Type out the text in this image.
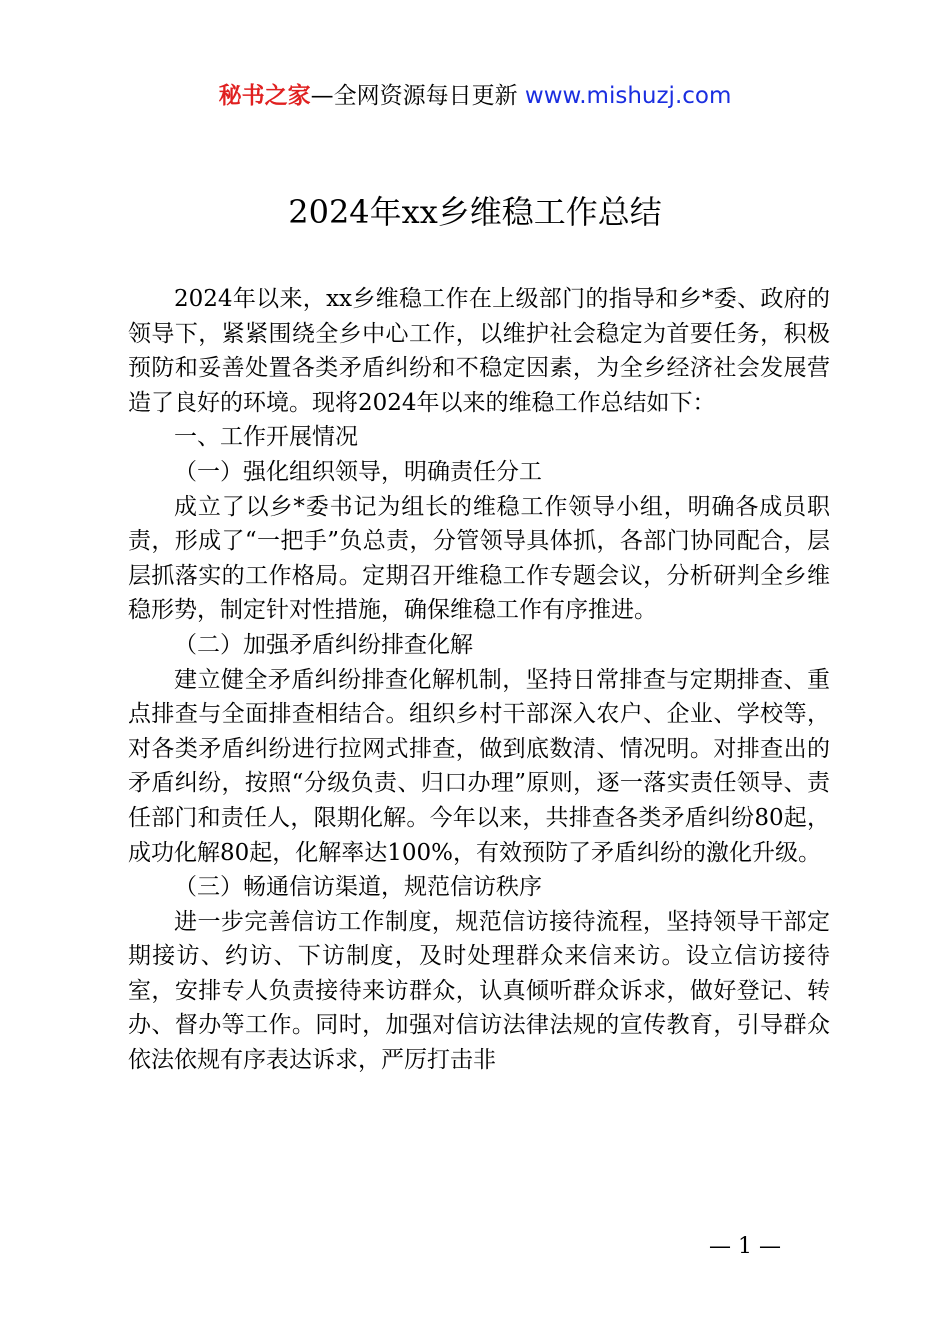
秘书之家—全网资源每日更新 www.mishuzj.com
2024年xx乡维稳工作总结

2024年以来，xx乡维稳工作在上级部门的指导和乡*委、政府的领导下，紧紧围绕全乡中心工作，以维护社会稳定为首要任务，积极预防和妥善处置各类矛盾纠纷和不稳定因素，为全乡经济社会发展营造了良好的环境。现将2024年以来的维稳工作总结如下：

一、工作开展情况

（一）强化组织领导，明确责任分工

成立了以乡*委书记为组长的维稳工作领导小组，明确各成员职责，形成了“一把手”负总责，分管领导具体抓，各部门协同配合，层层抓落实的工作格局。定期召开维稳工作专题会议，分析研判全乡维稳形势，制定针对性措施，确保维稳工作有序推进。

（二）加强矛盾纠纷排查化解

建立健全矛盾纠纷排查化解机制，坚持日常排查与定期排查、重点排查与全面排查相结合。组织乡村干部深入农户、企业、学校等，对各类矛盾纠纷进行拉网式排查，做到底数清、情况明。对排查出的矛盾纠纷，按照“分级负责、归口办理”原则，逐一落实责任领导、责任部门和责任人，限期化解。今年以来，共排查各类矛盾纠纷80起，成功化解80起，化解率达100%，有效预防了矛盾纠纷的激化升级。

（三）畅通信访渠道，规范信访秩序

进一步完善信访工作制度，规范信访接待流程，坚持领导干部定期接访、约访、下访制度，及时处理群众来信来访。设立信访接待室，安排专人负责接待来访群众，认真倾听群众诉求，做好登记、转办、督办等工作。同时，加强对信访法律法规的宣传教育，引导群众依法依规有序表达诉求，严厉打击非

— 1 —
